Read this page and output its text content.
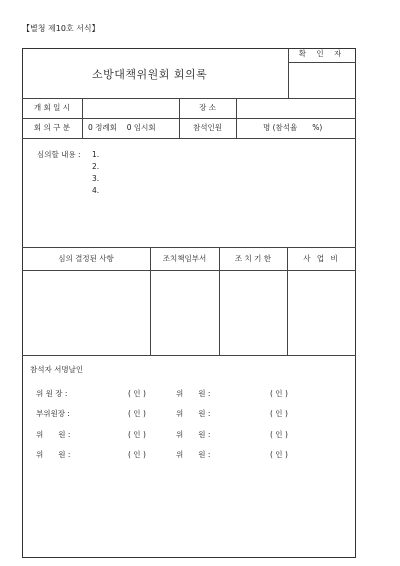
【별청 제10호 서식】
확 인 자
소방대책위원회 회의록
개 회 일 시	장 소
회 의 구 분	0 정례회　 0 임시회	참석인원	명 (참석율　　%)
심의할 내용 : 1.
2.
3.
4.
심의 결정된 사항	조치책임부서	조 치 기 한	사 업 비
참석자 서명날인
위 원 장 :	( 인 )	위　　원 :	( 인 )
부위원장 :	( 인 )	위　　원 :	( 인 )
위　　원 :	( 인 )	위　　원 :	( 인 )
위　　원 :	( 인 )	위　　원 :	( 인 )
